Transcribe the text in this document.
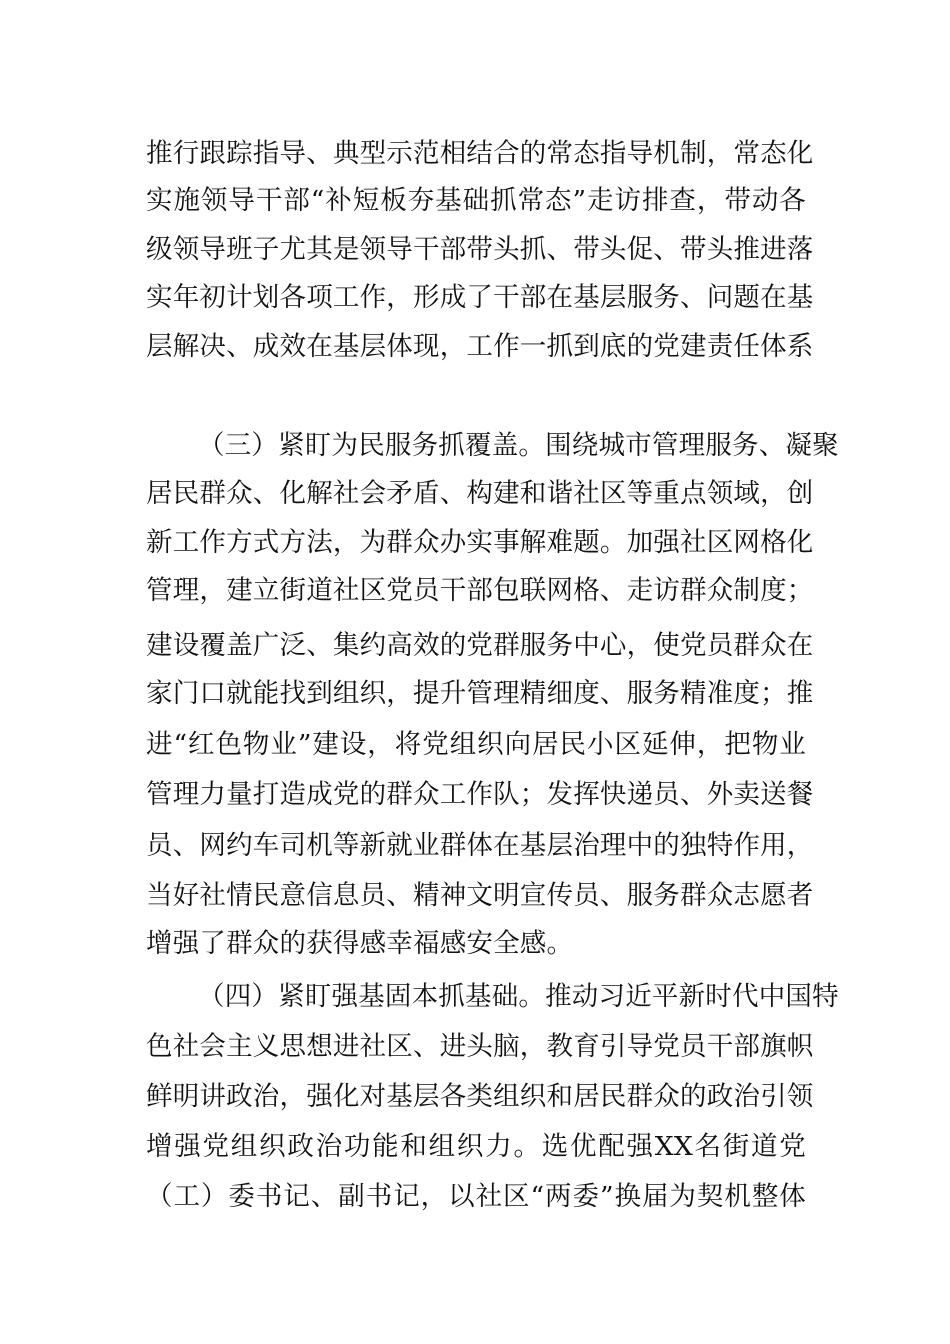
推行跟踪指导、典型示范相结合的常态指导机制，常态化
实施领导干部“补短板夯基础抓常态”走访排查，带动各
级领导班子尤其是领导干部带头抓、带头促、带头推进落
实年初计划各项工作，形成了干部在基层服务、问题在基
层解决、成效在基层体现，工作一抓到底的党建责任体系
（三）紧盯为民服务抓覆盖。围绕城市管理服务、凝聚
居民群众、化解社会矛盾、构建和谐社区等重点领域，创
新工作方式方法，为群众办实事解难题。加强社区网格化
管理，建立街道社区党员干部包联网格、走访群众制度；
建设覆盖广泛、集约高效的党群服务中心，使党员群众在
家门口就能找到组织，提升管理精细度、服务精准度；推
进“红色物业”建设，将党组织向居民小区延伸，把物业
管理力量打造成党的群众工作队；发挥快递员、外卖送餐
员、网约车司机等新就业群体在基层治理中的独特作用，
当好社情民意信息员、精神文明宣传员、服务群众志愿者
增强了群众的获得感幸福感安全感。
（四）紧盯强基固本抓基础。推动习近平新时代中国特
色社会主义思想进社区、进头脑，教育引导党员干部旗帜
鲜明讲政治，强化对基层各类组织和居民群众的政治引领
增强党组织政治功能和组织力。选优配强XX名街道党
（工）委书记、副书记，以社区“两委”换届为契机整体
